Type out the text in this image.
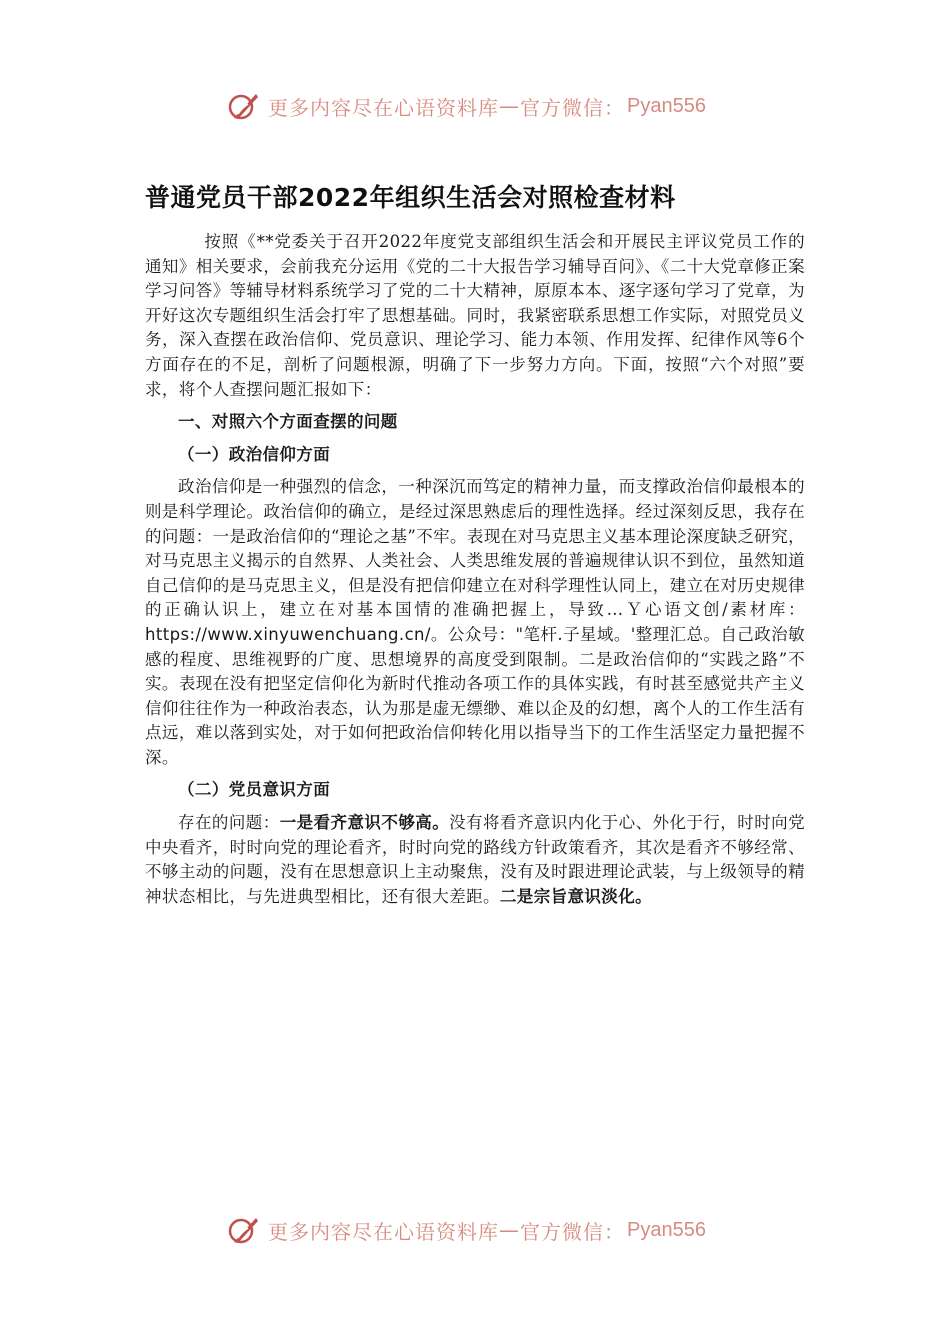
更多内容尽在心语资料库 — 官方微信： Pyan556
普通党员干部2022年组织生活会对照检查材料

按照《**党委关于召开2022年度党支部组织生活会和开展民主评议党员工作的通知》相关要求，会前我充分运用《党的二十大报告学习辅导百问》、《二十大党章修正案学习问答》等辅导材料系统学习了党的二十大精神，原原本本、逐字逐句学习了党章，为开好这次专题组织生活会打牢了思想基础。同时，我紧密联系思想工作实际，对照党员义务，深入查摆在政治信仰、党员意识、理论学习、能力本领、作用发挥、纪律作风等6个方面存在的不足，剖析了问题根源，明确了下一步努力方向。下面，按照“六个对照”要求，将个人查摆问题汇报如下：

一、对照六个方面查摆的问题
（一）政治信仰方面

政治信仰是一种强烈的信念，一种深沉而笃定的精神力量，而支撑政治信仰最根本的则是科学理论。政治信仰的确立，是经过深思熟虑后的理性选择。经过深刻反思，我存在的问题：一是政治信仰的“理论之基”不牢。表现在对马克思主义基本理论深度缺乏研究，对马克思主义揭示的自然界、人类社会、人类思维发展的普遍规律认识不到位，虽然知道自己信仰的是马克思主义，但是没有把信仰建立在对科学理性认同上，建立在对历史规律的正确认识上，建立在对基本国情的准确把握上，导致…Ｙ心语文创/素材库：https://www.xinyuwenchuang.cn/。公众号："笔杆.子星域。'整理汇总。自己政治敏感的程度、思维视野的广度、思想境界的高度受到限制。二是政治信仰的“实践之路”不实。表现在没有把坚定信仰化为新时代推动各项工作的具体实践，有时甚至感觉共产主义信仰往往作为一种政治表态，认为那是虚无缥缈、难以企及的幻想，离个人的工作生活有点远，难以落到实处，对于如何把政治信仰转化用以指导当下的工作生活坚定力量把握不深。

（二）党员意识方面

存在的问题：一是看齐意识不够高。没有将看齐意识内化于心、外化于行，时时向党中央看齐，时时向党的理论看齐，时时向党的路线方针政策看齐，其次是看齐不够经常、不够主动的问题，没有在思想意识上主动聚焦，没有及时跟进理论武装，与上级领导的精神状态相比，与先进典型相比，还有很大差距。二是宗旨意识淡化。

更多内容尽在心语资料库 — 官方微信： Pyan556
